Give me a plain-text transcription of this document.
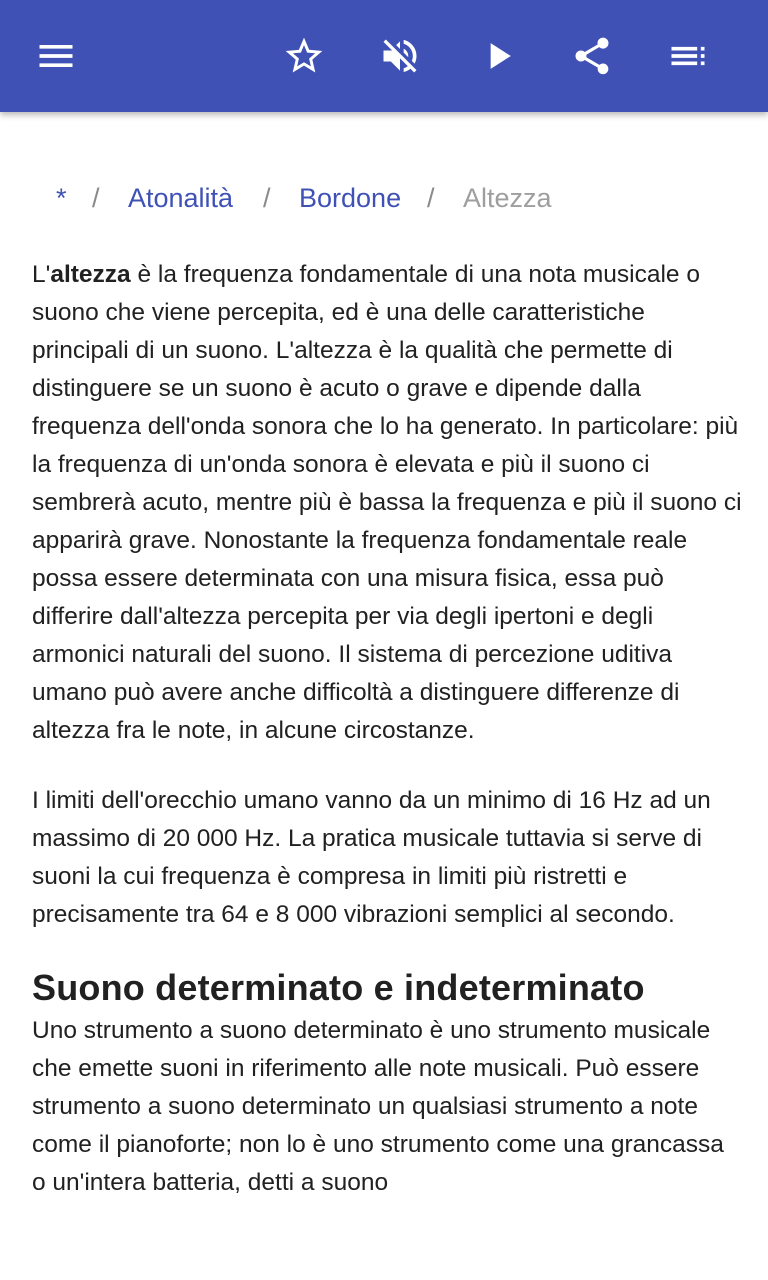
* / Atonalità / Bordone / Altezza

L'altezza è la frequenza fondamentale di una nota musicale o suono che viene percepita, ed è una delle caratteristiche principali di un suono. L'altezza è la qualità che permette di distinguere se un suono è acuto o grave e dipende dalla frequenza dell'onda sonora che lo ha generato. In particolare: più la frequenza di un'onda sonora è elevata e più il suono ci sembrerà acuto, mentre più è bassa la frequenza e più il suono ci apparirà grave. Nonostante la frequenza fondamentale reale possa essere determinata con una misura fisica, essa può differire dall'altezza percepita per via degli ipertoni e degli armonici naturali del suono. Il sistema di percezione uditiva umano può avere anche difficoltà a distinguere differenze di altezza fra le note, in alcune circostanze.

I limiti dell'orecchio umano vanno da un minimo di 16 Hz ad un massimo di 20 000 Hz. La pratica musicale tuttavia si serve di suoni la cui frequenza è compresa in limiti più ristretti e precisamente tra 64 e 8 000 vibrazioni semplici al secondo.

Suono determinato e indeterminato

Uno strumento a suono determinato è uno strumento musicale che emette suoni in riferimento alle note musicali. Può essere strumento a suono determinato un qualsiasi strumento a note come il pianoforte; non lo è uno strumento come una grancassa o un'intera batteria, detti a suono
